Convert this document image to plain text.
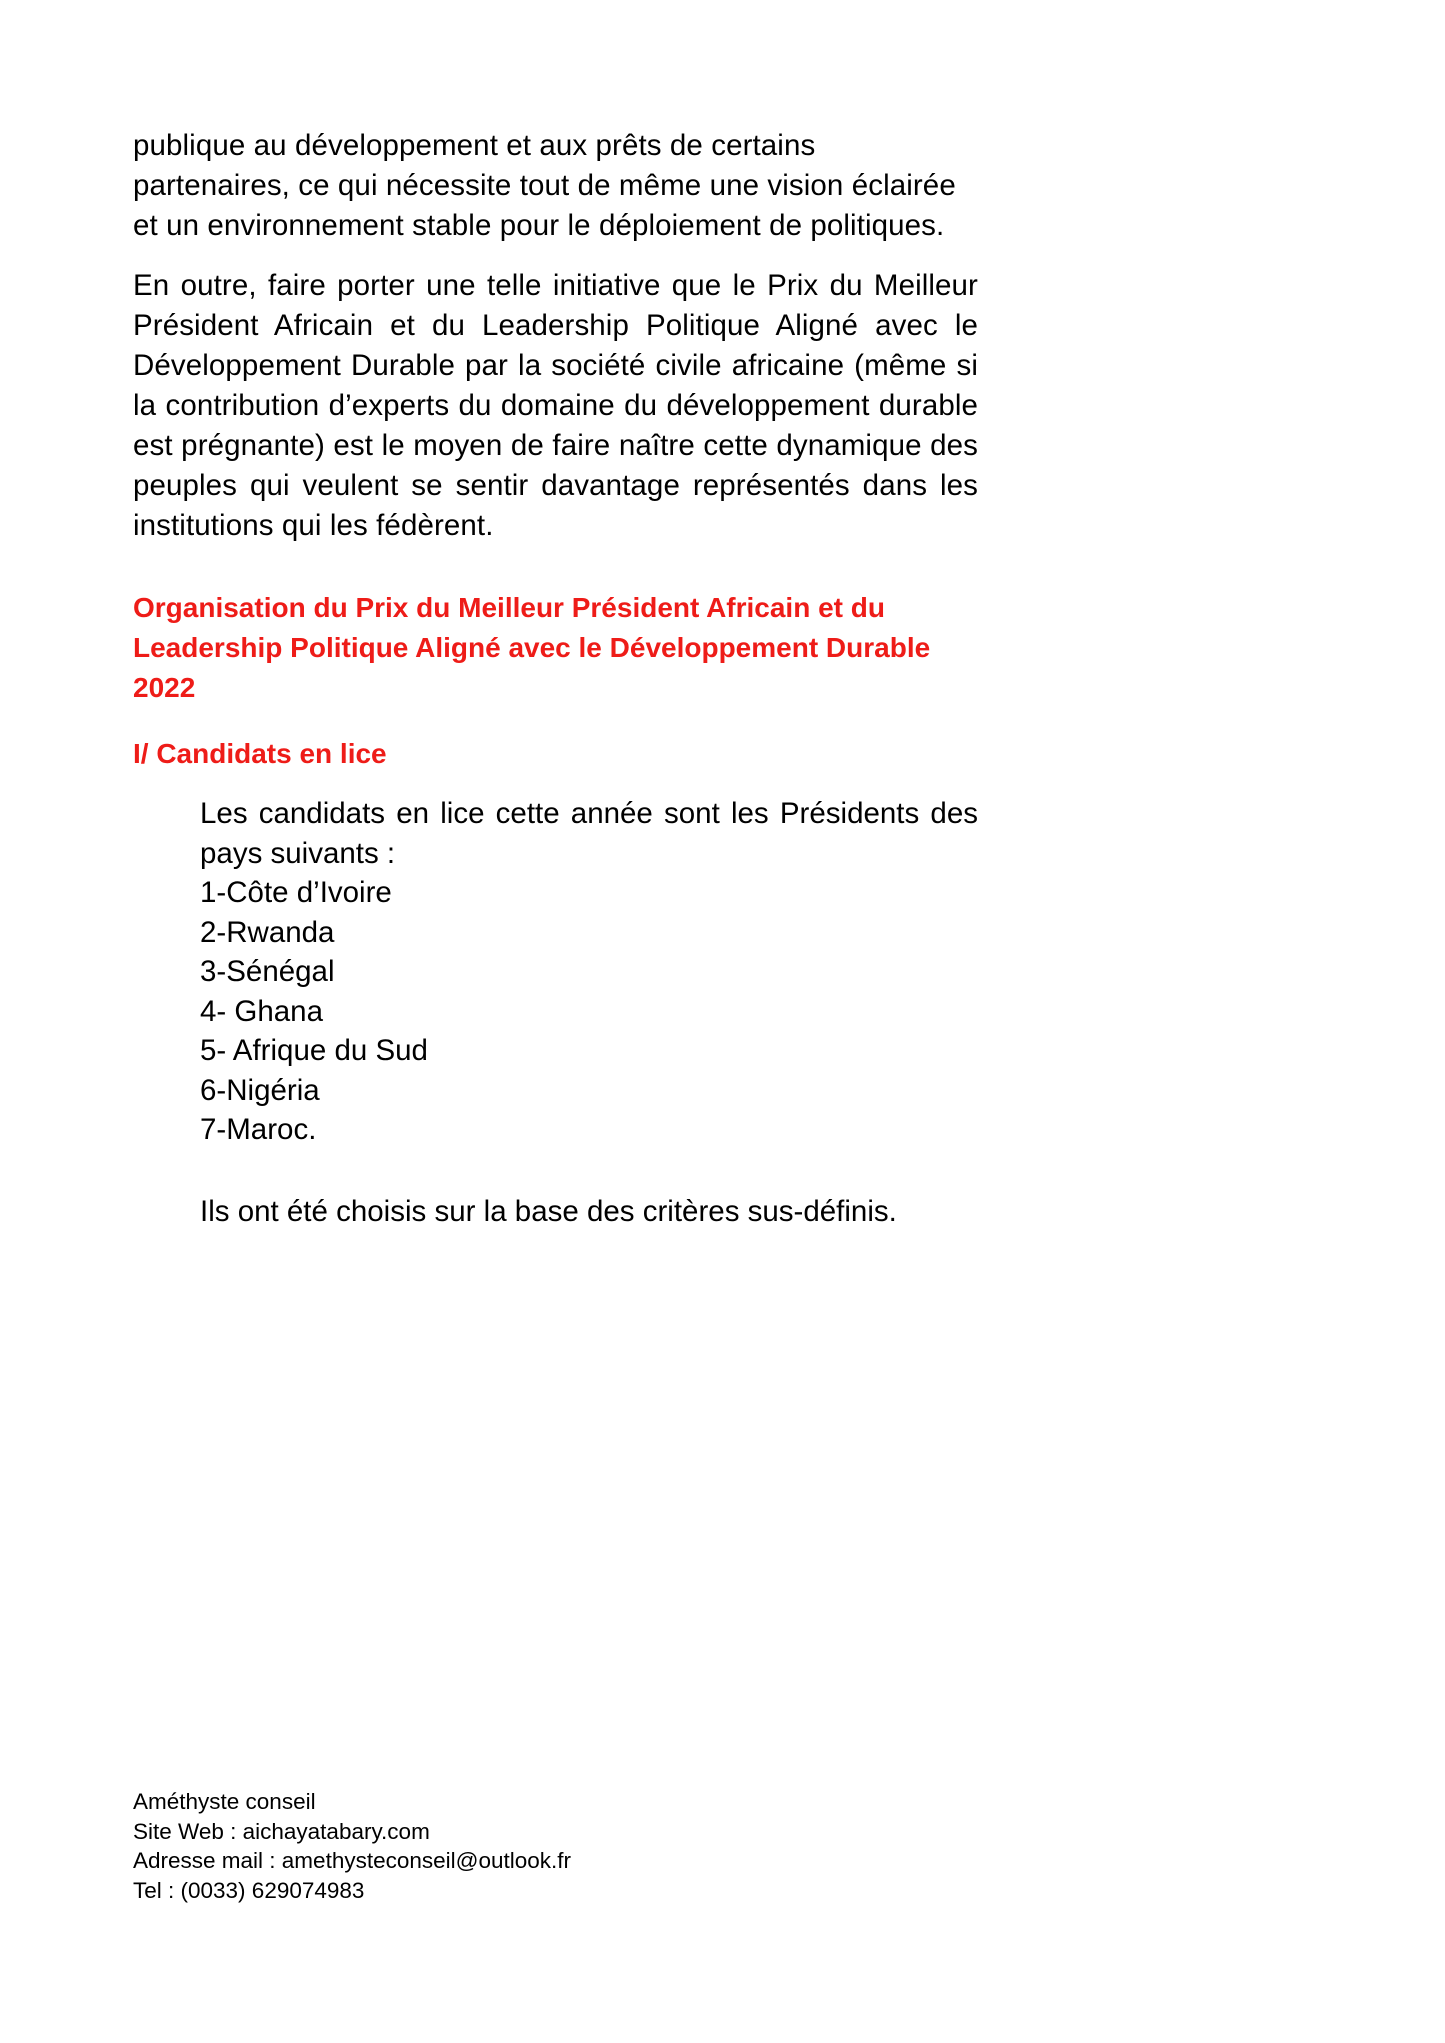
publique au développement et aux prêts de certains partenaires, ce qui nécessite tout de même une vision éclairée et un environnement stable pour le déploiement de politiques.

En outre, faire porter une telle initiative que le Prix du Meilleur Président Africain et du Leadership Politique Aligné avec le Développement Durable par la société civile africaine (même si la contribution d’experts du domaine du développement durable est prégnante) est le moyen de faire naître cette dynamique des peuples qui veulent se sentir davantage représentés dans les institutions qui les fédèrent.

Organisation du Prix du Meilleur Président Africain et du Leadership Politique Aligné avec le Développement Durable 2022
I/ Candidats en lice

Les candidats en lice cette année sont les Présidents des pays suivants :

1-Côte d’Ivoire
2-Rwanda
3-Sénégal
4- Ghana
5- Afrique du Sud
6-Nigéria
7-Maroc.

Ils ont été choisis sur la base des critères sus-définis.

Améthyste conseil

Site Web : aichayatabary.com

Adresse mail : amethysteconseil@outlook.fr

Tel : (0033) 629074983
